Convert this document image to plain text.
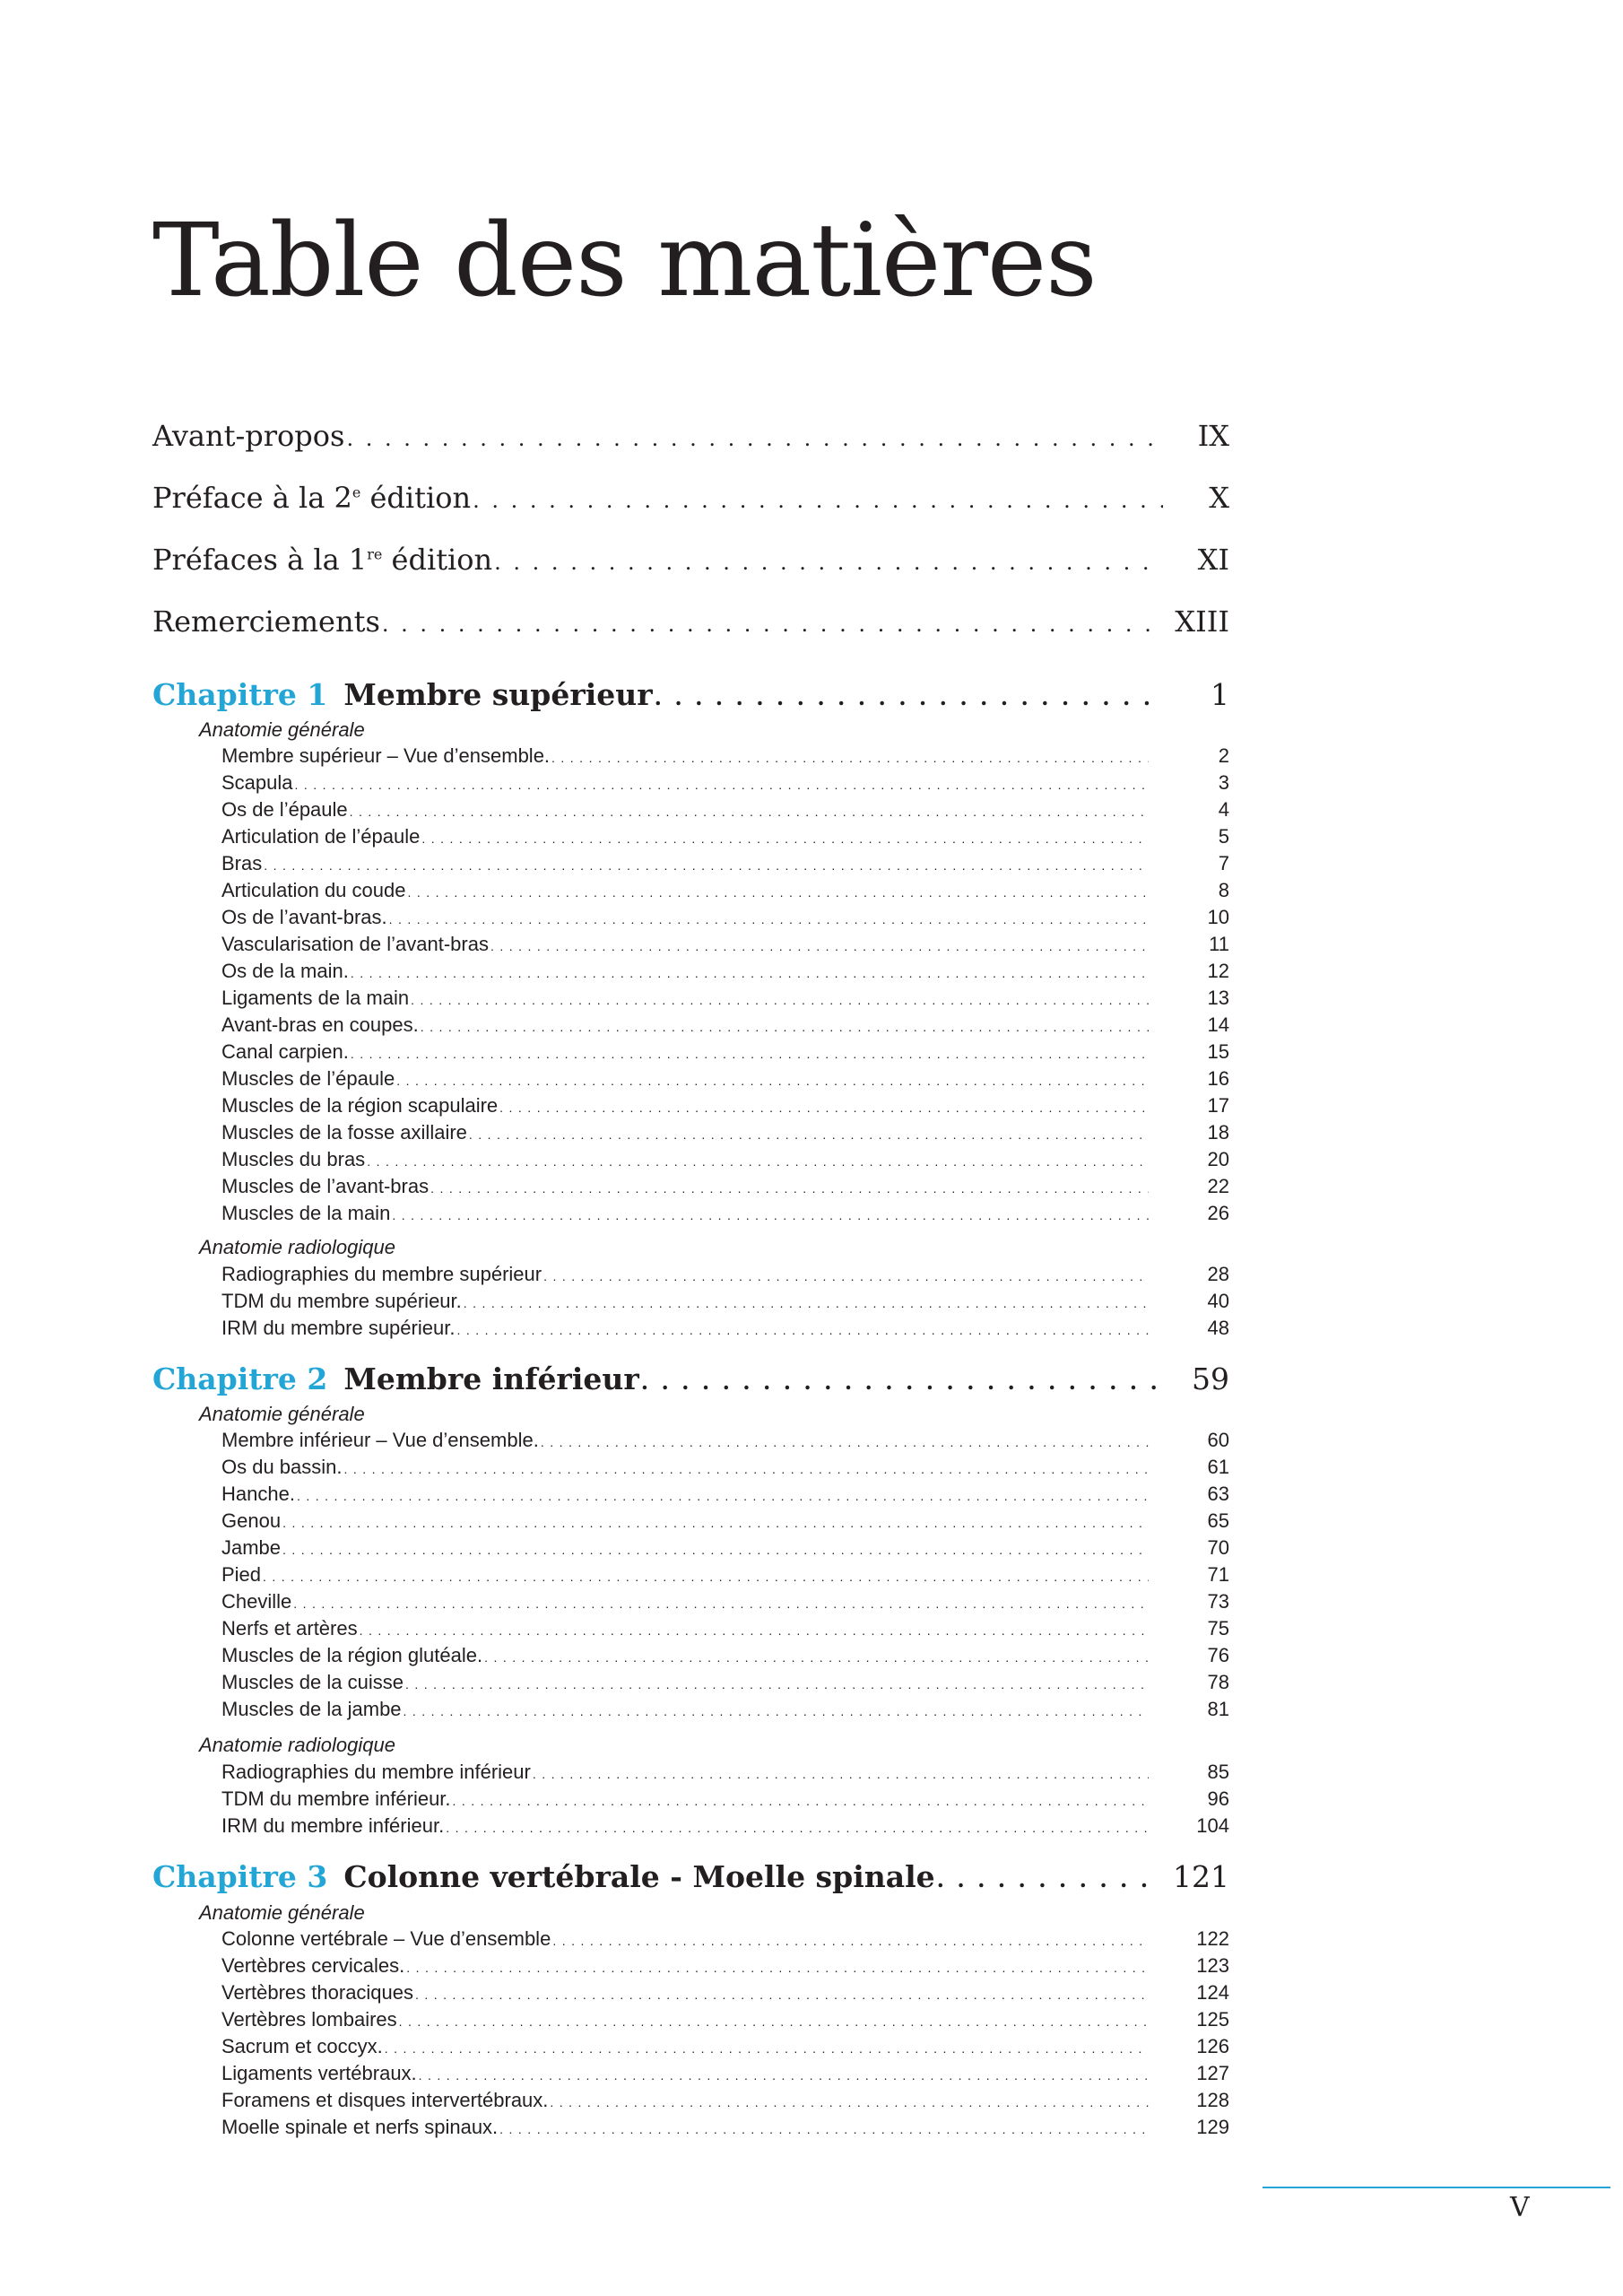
Table des matières
Avant-propos . . .	IX
Préface à la 2e édition . . .	X
Préfaces à la 1re édition . . .	XI
Remerciements . . .	XIII
Chapitre 1 Membre supérieur . . .	1
Anatomie générale
Membre supérieur – Vue d’ensemble. . . .	2
Scapula . . .	3
Os de l’épaule . . .	4
Articulation de l’épaule . . .	5
Bras . . .	7
Articulation du coude . . .	8
Os de l’avant-bras. . . .	10
Vascularisation de l’avant-bras . . .	11
Os de la main. . . .	12
Ligaments de la main . . .	13
Avant-bras en coupes. . . .	14
Canal carpien. . . .	15
Muscles de l’épaule . . .	16
Muscles de la région scapulaire . . .	17
Muscles de la fosse axillaire . . .	18
Muscles du bras . . .	20
Muscles de l’avant-bras . . .	22
Muscles de la main . . .	26
Anatomie radiologique
Radiographies du membre supérieur . . .	28
TDM du membre supérieur. . . .	40
IRM du membre supérieur. . . .	48
Chapitre 2 Membre inférieur . . .	59
Anatomie générale
Membre inférieur – Vue d’ensemble. . . .	60
Os du bassin. . . .	61
Hanche. . . .	63
Genou . . .	65
Jambe . . .	70
Pied . . .	71
Cheville . . .	73
Nerfs et artères . . .	75
Muscles de la région glutéale. . . .	76
Muscles de la cuisse . . .	78
Muscles de la jambe . . .	81
Anatomie radiologique
Radiographies du membre inférieur . . .	85
TDM du membre inférieur. . . .	96
IRM du membre inférieur. . . .	104
Chapitre 3 Colonne vertébrale - Moelle spinale . . .	121
Anatomie générale
Colonne vertébrale – Vue d’ensemble . . .	122
Vertèbres cervicales. . . .	123
Vertèbres thoraciques . . .	124
Vertèbres lombaires . . .	125
Sacrum et coccyx. . . .	126
Ligaments vertébraux. . . .	127
Foramens et disques intervertébraux. . . .	128
Moelle spinale et nerfs spinaux. . . .	129
V
